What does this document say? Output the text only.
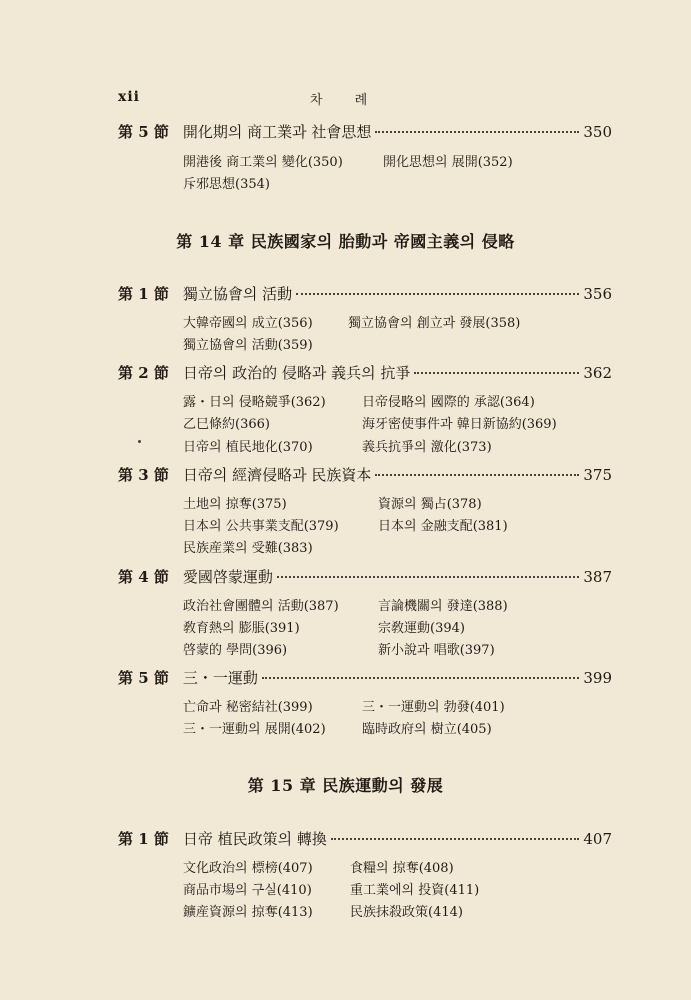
xii	차 례
第 5 節 開化期의 商工業과 社會思想	350
開港後 商工業의 變化(350)	開化思想의 展開(352)
斥邪思想(354)
第 14 章 民族國家의 胎動과 帝國主義의 侵略
第 1 節 獨立協會의 活動	356
大韓帝國의 成立(356)	獨立協會의 創立과 發展(358)
獨立協會의 活動(359)
第 2 節 日帝의 政治的 侵略과 義兵의 抗爭	362
露・日의 侵略競爭(362)	日帝侵略의 國際的 承認(364)
乙巳條約(366)	海牙密使事件과 韓日新協約(369)
日帝의 植民地化(370)	義兵抗爭의 激化(373)
第 3 節 日帝의 經濟侵略과 民族資本	375
土地의 掠奪(375)	資源의 獨占(378)
日本의 公共事業支配(379)	日本의 金融支配(381)
民族産業의 受難(383)
第 4 節 愛國啓蒙運動	387
政治社會團體의 活動(387)	言論機關의 發達(388)
敎育熱의 膨脹(391)	宗敎運動(394)
啓蒙的 學問(396)	新小說과 唱歌(397)
第 5 節 三・一運動	399
亡命과 秘密結社(399)	三・一運動의 勃發(401)
三・一運動의 展開(402)	臨時政府의 樹立(405)
第 15 章 民族運動의 發展
第 1 節 日帝 植民政策의 轉換	407
文化政治의 標榜(407)	食糧의 掠奪(408)
商品市場의 구실(410)	重工業에의 投資(411)
鑛産資源의 掠奪(413)	民族抹殺政策(414)
